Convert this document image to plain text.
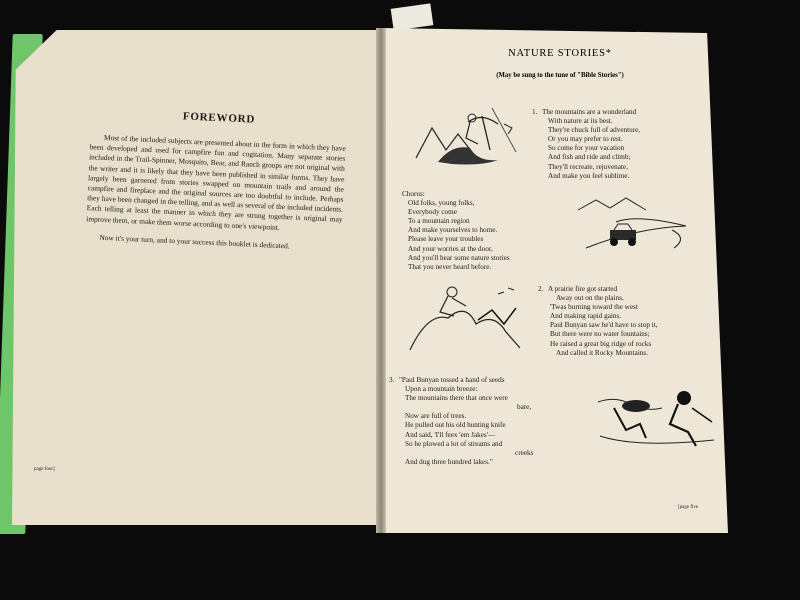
FOREWORD

Most of the included subjects are presented about in the form in which they have been developed and used for campfire fun and cogitation. Many separate stories included in the Trail-Spinner, Mosquito, Bear, and Ranch groups are not original with the writer and it is likely that they have been published in similar forms. They have largely been garnered from stories swapped on mountain trails and around the campfire and fireplace and the original sources are too doubtful to include. Perhaps they have been changed in the telling, and as well as several of the included incidents. Each telling at least the manner in which they are strung together is original may improve them, or make them worse according to one's viewpoint.

Now it's your turn, and to your success this booklet is dedicated.

page four]
NATURE STORIES*
(May be sung to the tune of "Bible Stories")
1. The mountains are a wonderland
With nature at its best.
They're chuck full of adventure,
Or you may prefer to rest.
So come for your vacation
And fish and ride and climb;
They'll recreate, rejuvenate,
And make you feel sublime.
Chorus:
Old folks, young folks,
Everybody come
To a mountain region
And make yourselves to home.
Please leave your troubles
And your worries at the door,
And you'll hear some nature stories
That you never heard before.
2. A prairie fire got started
Away out on the plains,
'Twas burning toward the west
And making rapid gains.
Paul Bunyan saw he'd have to stop it,
But there were no water fountains;
He raised a great big ridge of rocks
And called it Rocky Mountains.
3. "Paul Bunyan tossed a hand of seeds
Upon a mountain breeze:
The mountains there that once were
bare,
Now are full of trees.
He pulled out his old hunting knife
And said, 'I'll feex 'em Jakes'—
So he plowed a lot of streams and
creeks
And dug three hundred lakes."
[page five
